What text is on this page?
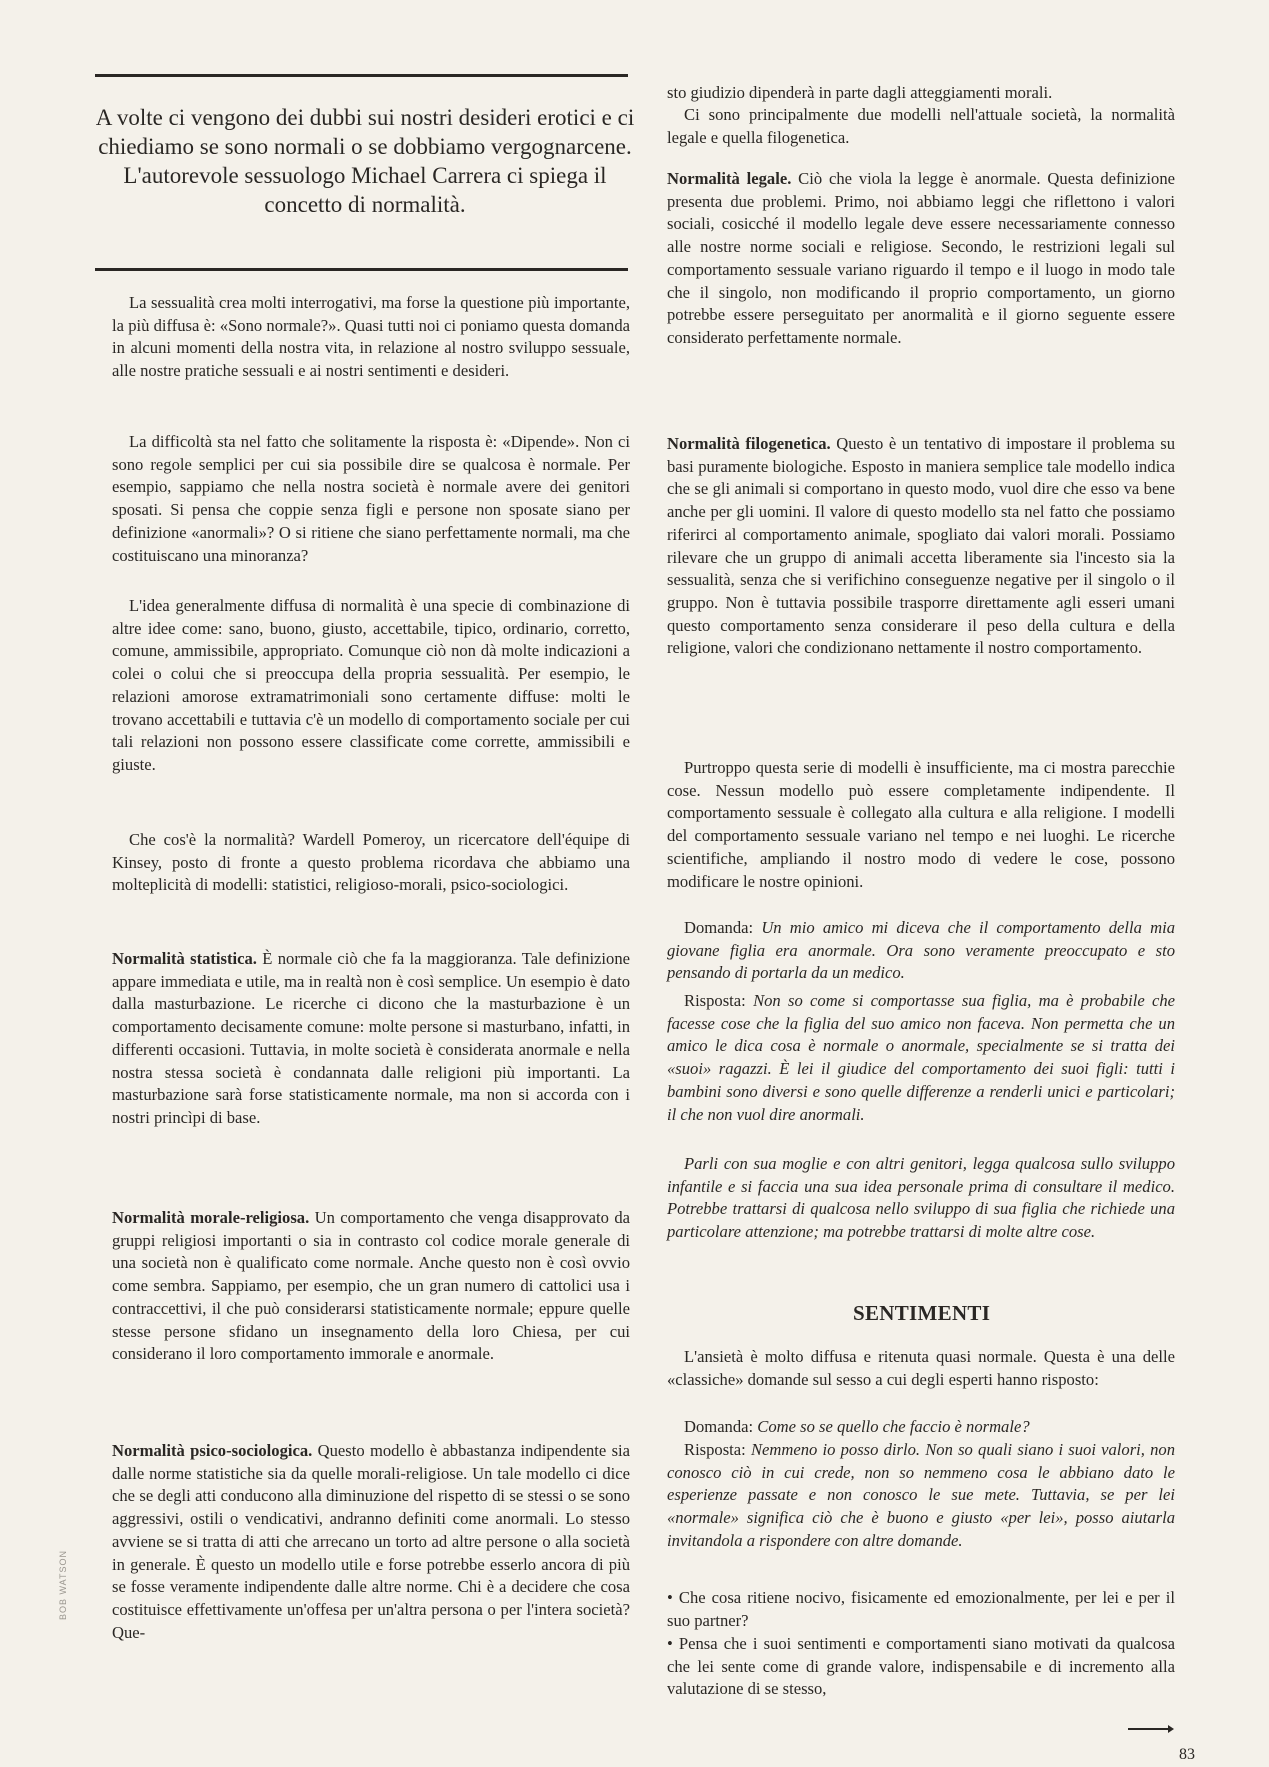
A volte ci vengono dei dubbi sui nostri desideri erotici e ci chiediamo se sono normali o se dobbiamo vergognarcene. L'autorevole sessuologo Michael Carrera ci spiega il concetto di normalità.

La sessualità crea molti interrogativi, ma forse la questione più importante, la più diffusa è: «Sono normale?». Quasi tutti noi ci poniamo questa domanda in alcuni momenti della nostra vita, in relazione al nostro sviluppo sessuale, alle nostre pratiche sessuali e ai nostri sentimenti e desideri.

La difficoltà sta nel fatto che solitamente la risposta è: «Dipende». Non ci sono regole semplici per cui sia possibile dire se qualcosa è normale. Per esempio, sappiamo che nella nostra società è normale avere dei genitori sposati. Si pensa che coppie senza figli e persone non sposate siano per definizione «anormali»? O si ritiene che siano perfettamente normali, ma che costituiscano una minoranza?

L'idea generalmente diffusa di normalità è una specie di combinazione di altre idee come: sano, buono, giusto, accettabile, tipico, ordinario, corretto, comune, ammissibile, appropriato. Comunque ciò non dà molte indicazioni a colei o colui che si preoccupa della propria sessualità. Per esempio, le relazioni amorose extramatrimoniali sono certamente diffuse: molti le trovano accettabili e tuttavia c'è un modello di comportamento sociale per cui tali relazioni non possono essere classificate come corrette, ammissibili e giuste.

Che cos'è la normalità? Wardell Pomeroy, un ricercatore dell'équipe di Kinsey, posto di fronte a questo problema ricordava che abbiamo una molteplicità di modelli: statistici, religioso-morali, psico-sociologici.

Normalità statistica. È normale ciò che fa la maggioranza. Tale definizione appare immediata e utile, ma in realtà non è così semplice. Un esempio è dato dalla masturbazione. Le ricerche ci dicono che la masturbazione è un comportamento decisamente comune: molte persone si masturbano, infatti, in differenti occasioni. Tuttavia, in molte società è considerata anormale e nella nostra stessa società è condannata dalle religioni più importanti. La masturbazione sarà forse statisticamente normale, ma non si accorda con i nostri princìpi di base.

Normalità morale-religiosa. Un comportamento che venga disapprovato da gruppi religiosi importanti o sia in contrasto col codice morale generale di una società non è qualificato come normale. Anche questo non è così ovvio come sembra. Sappiamo, per esempio, che un gran numero di cattolici usa i contraccettivi, il che può considerarsi statisticamente normale; eppure quelle stesse persone sfidano un insegnamento della loro Chiesa, per cui considerano il loro comportamento immorale e anormale.

Normalità psico-sociologica. Questo modello è abbastanza indipendente sia dalle norme statistiche sia da quelle morali-religiose. Un tale modello ci dice che se degli atti conducono alla diminuzione del rispetto di se stessi o se sono aggressivi, ostili o vendicativi, andranno definiti come anormali. Lo stesso avviene se si tratta di atti che arrecano un torto ad altre persone o alla società in generale. È questo un modello utile e forse potrebbe esserlo ancora di più se fosse veramente indipendente dalle altre norme. Chi è a decidere che cosa costituisce effettivamente un'offesa per un'altra persona o per l'intera società? Que-

sto giudizio dipenderà in parte dagli atteggiamenti morali.

Ci sono principalmente due modelli nell'attuale società, la normalità legale e quella filogenetica.

Normalità legale. Ciò che viola la legge è anormale. Questa definizione presenta due problemi. Primo, noi abbiamo leggi che riflettono i valori sociali, cosicché il modello legale deve essere necessariamente connesso alle nostre norme sociali e religiose. Secondo, le restrizioni legali sul comportamento sessuale variano riguardo il tempo e il luogo in modo tale che il singolo, non modificando il proprio comportamento, un giorno potrebbe essere perseguitato per anormalità e il giorno seguente essere considerato perfettamente normale.

Normalità filogenetica. Questo è un tentativo di impostare il problema su basi puramente biologiche. Esposto in maniera semplice tale modello indica che se gli animali si comportano in questo modo, vuol dire che esso va bene anche per gli uomini. Il valore di questo modello sta nel fatto che possiamo riferirci al comportamento animale, spogliato dai valori morali. Possiamo rilevare che un gruppo di animali accetta liberamente sia l'incesto sia la sessualità, senza che si verifichino conseguenze negative per il singolo o il gruppo. Non è tuttavia possibile trasporre direttamente agli esseri umani questo comportamento senza considerare il peso della cultura e della religione, valori che condizionano nettamente il nostro comportamento.

Purtroppo questa serie di modelli è insufficiente, ma ci mostra parecchie cose. Nessun modello può essere completamente indipendente. Il comportamento sessuale è collegato alla cultura e alla religione. I modelli del comportamento sessuale variano nel tempo e nei luoghi. Le ricerche scientifiche, ampliando il nostro modo di vedere le cose, possono modificare le nostre opinioni.

Domanda: Un mio amico mi diceva che il comportamento della mia giovane figlia era anormale. Ora sono veramente preoccupato e sto pensando di portarla da un medico.

Risposta: Non so come si comportasse sua figlia, ma è probabile che facesse cose che la figlia del suo amico non faceva. Non permetta che un amico le dica cosa è normale o anormale, specialmente se si tratta dei «suoi» ragazzi. È lei il giudice del comportamento dei suoi figli: tutti i bambini sono diversi e sono quelle differenze a renderli unici e particolari; il che non vuol dire anormali.

Parli con sua moglie e con altri genitori, legga qualcosa sullo sviluppo infantile e si faccia una sua idea personale prima di consultare il medico. Potrebbe trattarsi di qualcosa nello sviluppo di sua figlia che richiede una particolare attenzione; ma potrebbe trattarsi di molte altre cose.

SENTIMENTI

L'ansietà è molto diffusa e ritenuta quasi normale. Questa è una delle «classiche» domande sul sesso a cui degli esperti hanno risposto:

Domanda: Come so se quello che faccio è normale?

Risposta: Nemmeno io posso dirlo. Non so quali siano i suoi valori, non conosco ciò in cui crede, non so nemmeno cosa le abbiano dato le esperienze passate e non conosco le sue mete. Tuttavia, se per lei «normale» significa ciò che è buono e giusto «per lei», posso aiutarla invitandola a rispondere con altre domande.

• Che cosa ritiene nocivo, fisicamente ed emozionalmente, per lei e per il suo partner?

• Pensa che i suoi sentimenti e comportamenti siano motivati da qualcosa che lei sente come di grande valore, indispensabile e di incremento alla valutazione di se stesso,

83
BOB WATSON
